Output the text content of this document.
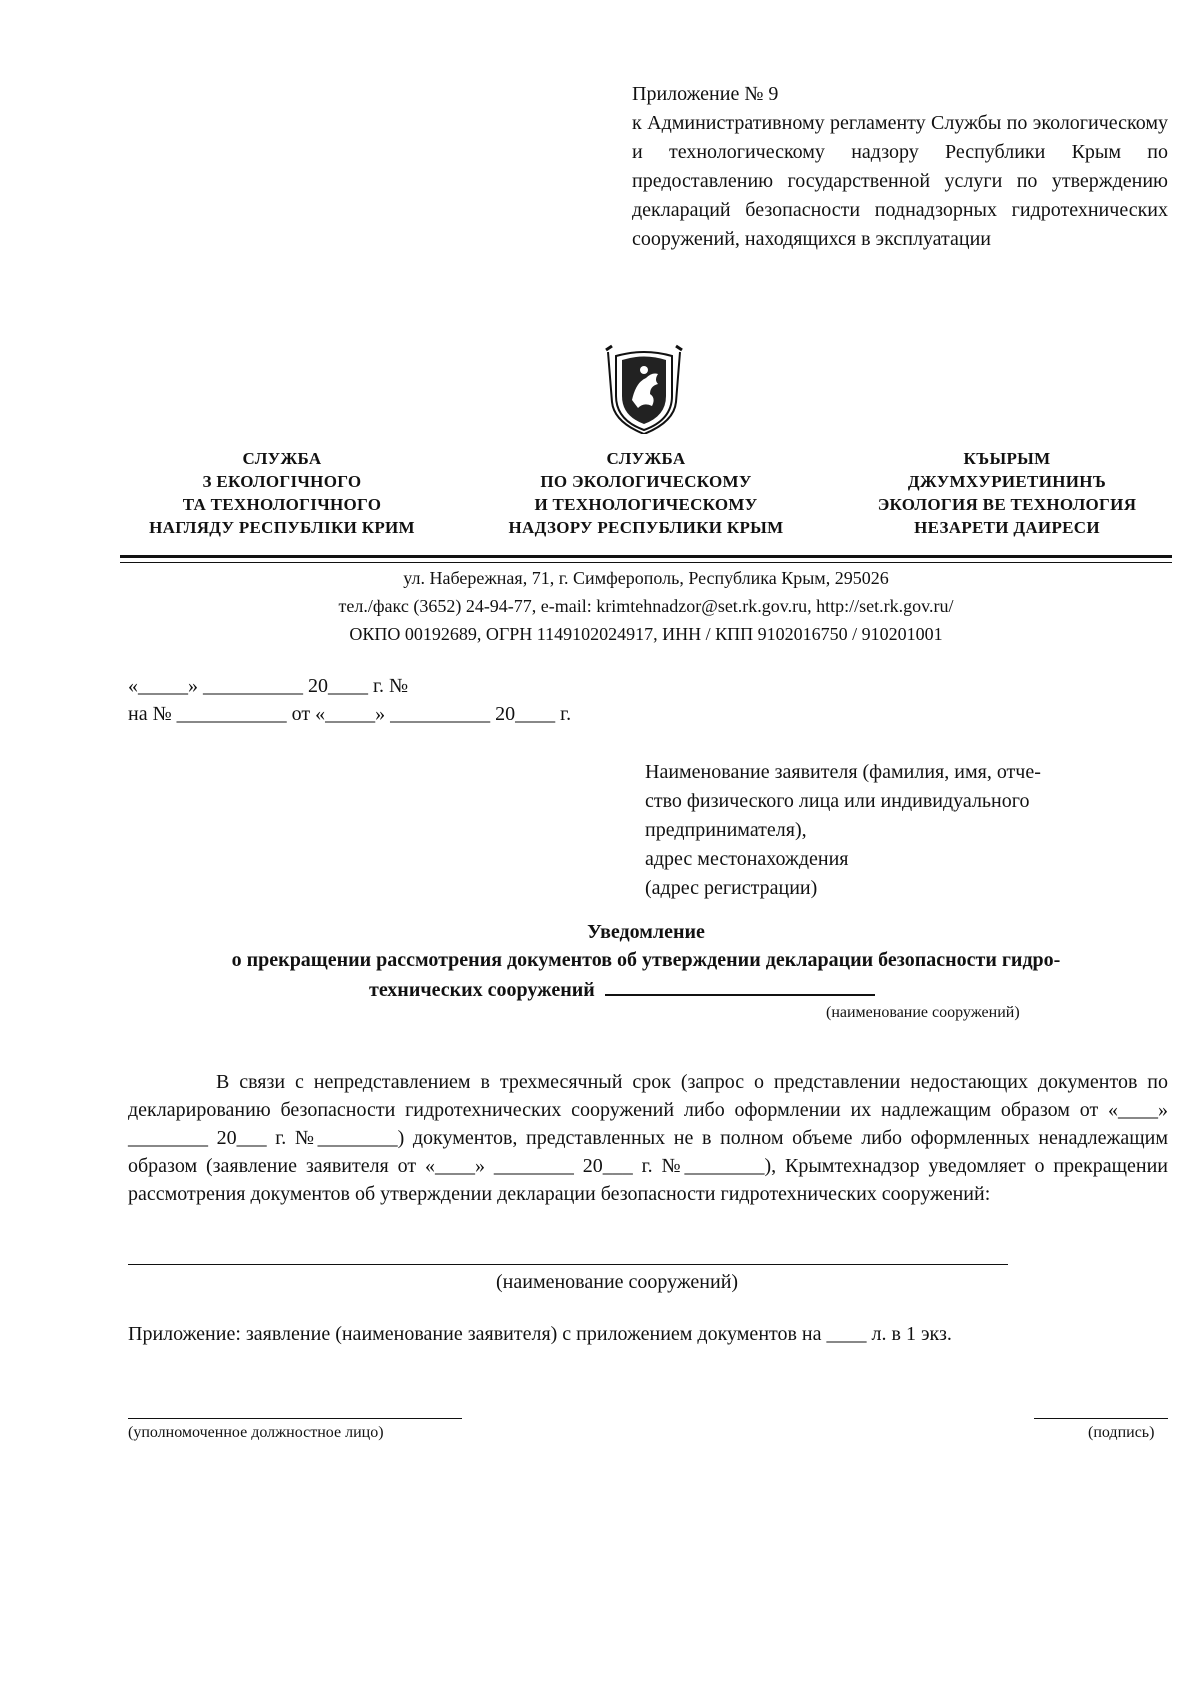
Приложение № 9
к Административному регламенту Службы по экологическому и технологическому надзору Республики Крым по предоставлению государственной услуги по утверждению деклараций безопасности поднадзорных гидротехнических сооружений, находящихся в эксплуатации
СЛУЖБА
З ЕКОЛОГІЧНОГО
ТА ТЕХНОЛОГІЧНОГО
НАГЛЯДУ РЕСПУБЛІКИ КРИМ
СЛУЖБА
ПО ЭКОЛОГИЧЕСКОМУ
И ТЕХНОЛОГИЧЕСКОМУ
НАДЗОРУ РЕСПУБЛИКИ КРЫМ
КЪЫРЫМ
ДЖУМХУРИЕТИНИНЪ
ЭКОЛОГИЯ ВЕ ТЕХНОЛОГИЯ
НЕЗАРЕТИ ДАИРЕСИ
ул. Набережная, 71, г. Симферополь, Республика Крым, 295026
тел./факс (3652) 24-94-77, e-mail: krimtehnadzor@set.rk.gov.ru, http://set.rk.gov.ru/
ОКПО 00192689, ОГРН 1149102024917, ИНН / КПП 9102016750 / 910201001
«_____» __________ 20____ г. №
на № ___________ от «_____» __________ 20____ г.
Наименование заявителя (фамилия, имя, отче-
ство физического лица или индивидуального
предпринимателя),
адрес местонахождения
(адрес регистрации)
Уведомление
о прекращении рассмотрения документов об утверждении декларации безопасности гидро-
технических сооружений
(наименование сооружений)

В связи с непредставлением в трехмесячный срок (запрос о представлении недостающих документов по декларированию безопасности гидротехнических сооружений либо оформлении их надлежащим образом от «____» ________ 20___ г. №________) документов, представленных не в полном объеме либо оформленных ненадлежащим образом (заявление заявителя от «____» ________ 20___ г. №________), Крымтехнадзор уведомляет о прекращении рассмотрения документов об утверждении декларации безопасности гидротехнических сооружений:

(наименование сооружений)
Приложение: заявление (наименование заявителя) с приложением документов на ____ л. в 1 экз.
(уполномоченное должностное лицо)	(подпись)
